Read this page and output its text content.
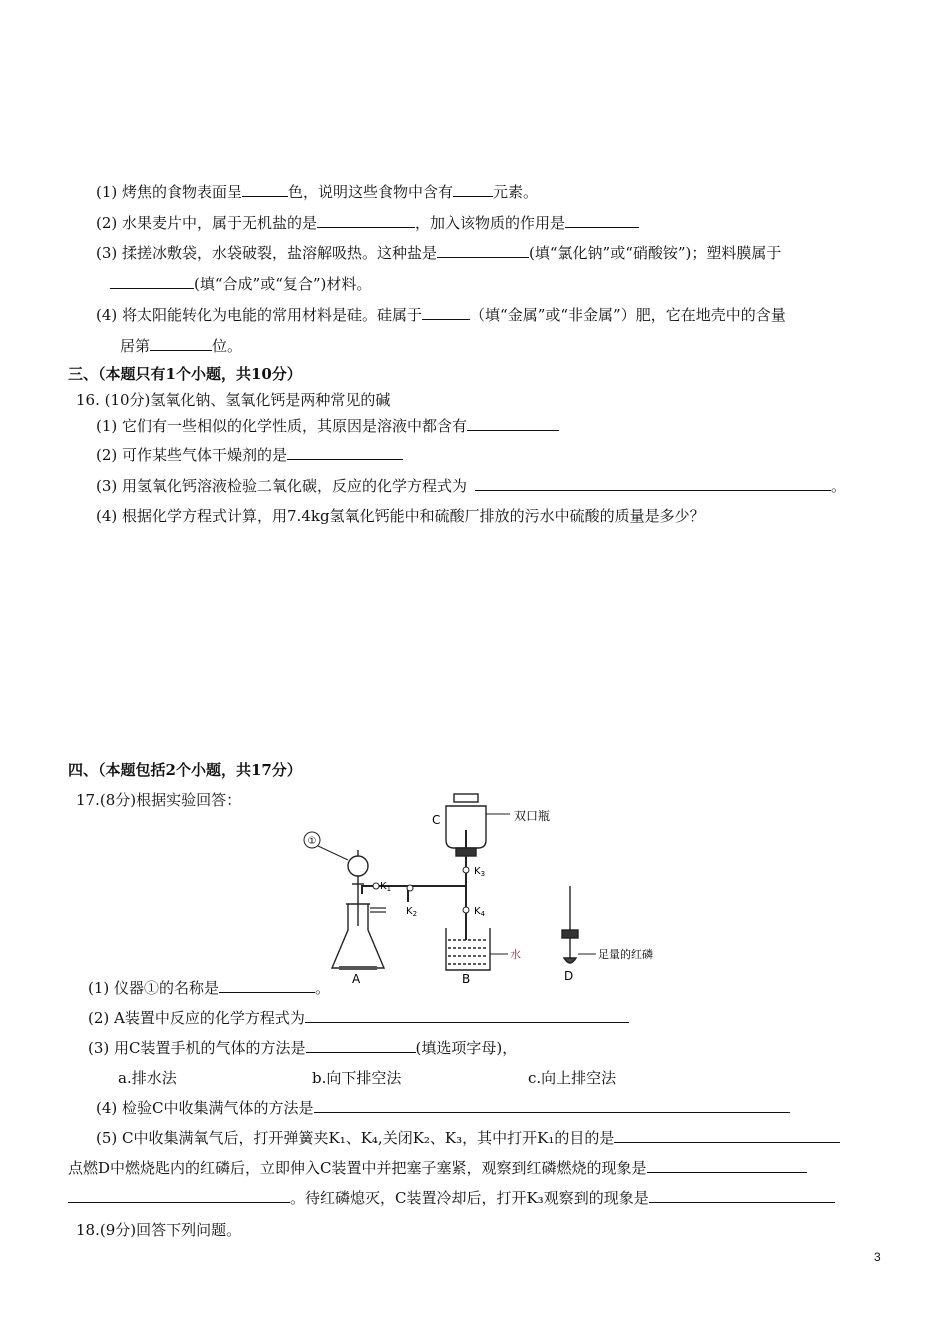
(1) 烤焦的食物表面呈	色，说明这些食物中含有	元素。
(2) 水果麦片中，属于无机盐的是	，加入该物质的作用是
(3) 揉搓冰敷袋，水袋破裂，盐溶解吸热。这种盐是	(填“氯化钠”或“硝酸铵”)；塑料膜属于
(填“合成”或“复合”)材料。
(4) 将太阳能转化为电能的常用材料是硅。硅属于	（填“金属”或“非金属”）肥，它在地壳中的含量
居第	位。
三、（本题只有1个小题，共10分）
16. (10分)氢氧化钠、氢氧化钙是两种常见的碱
(1) 它们有一些相似的化学性质，其原因是溶液中都含有
(2) 可作某些气体干燥剂的是
(3) 用氢氧化钙溶液检验二氧化碳，反应的化学方程式为	。
(4) 根据化学方程式计算，用7.4kg氢氧化钙能中和硫酸厂排放的污水中硫酸的质量是多少？
四、（本题包括2个小题，共17分）
17.(8分)根据实验回答：
①
A	B	D
C	双口瓶
水	足量的红磷
$K_1$
$K_2$
$K_3$
$K_4$
(1) 仪器①的名称是	。
(2) A装置中反应的化学方程式为
(3) 用C装置手机的气体的方法是	(填选项字母)，
a.排水法	b.向下排空法	c.向上排空法
(4) 检验C中收集满气体的方法是
(5) C中收集满氧气后，打开弹簧夹K₁、K₄,关闭K₂、K₃，其中打开K₁的目的是
点燃D中燃烧匙内的红磷后，立即伸入C装置中并把塞子塞紧，观察到红磷燃烧的现象是
。待红磷熄灭，C装置冷却后，打开K₃观察到的现象是
18.(9分)回答下列问题。
3
